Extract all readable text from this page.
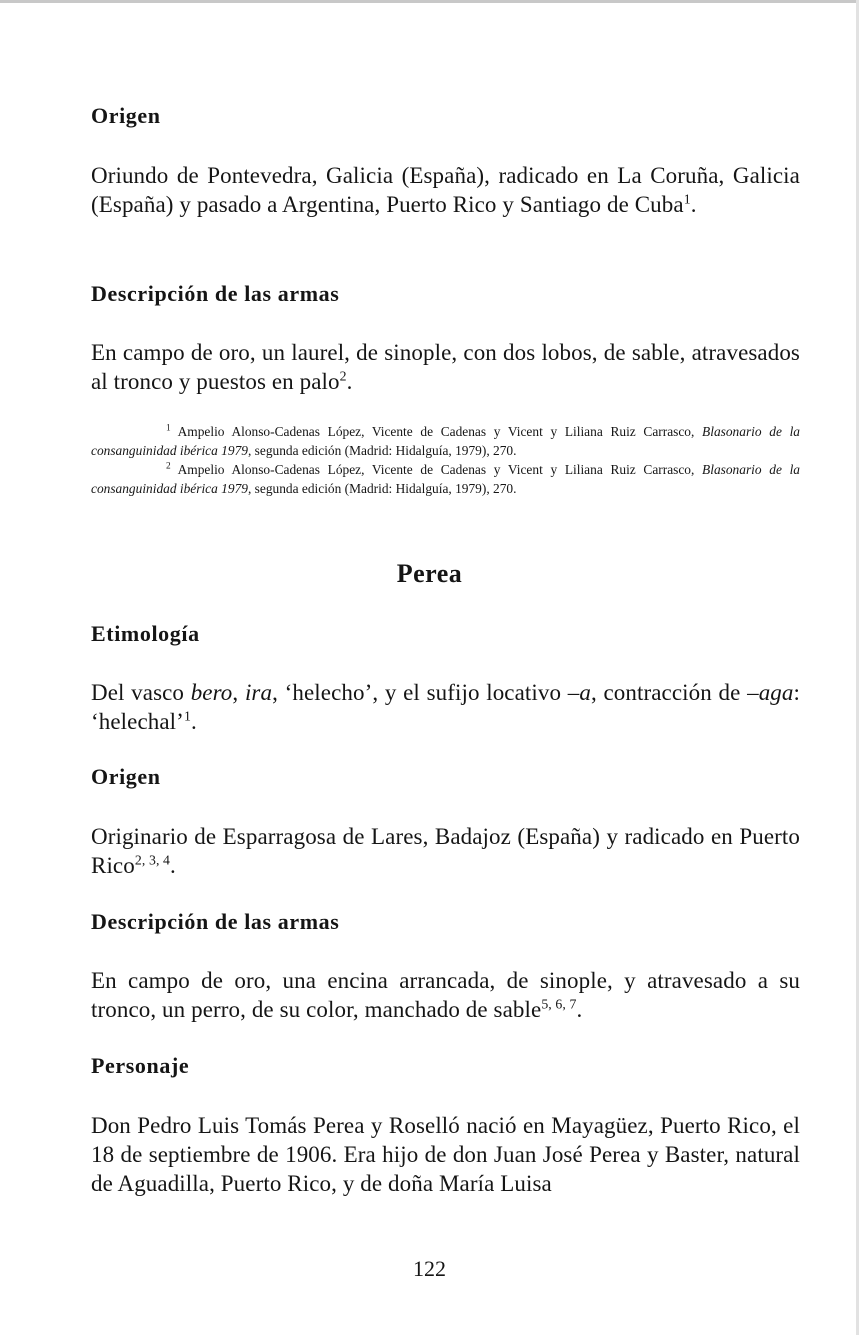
Origen

Oriundo de Pontevedra, Galicia (España), radicado en La Coruña, Galicia (España) y pasado a Argentina, Puerto Rico y Santiago de Cuba$^1$.

Descripción de las armas

En campo de oro, un laurel, de sinople, con dos lobos, de sable, atravesados al tronco y puestos en palo$^2$.

$^1$ Ampelio Alonso-Cadenas López, Vicente de Cadenas y Vicent y Liliana Ruiz Carrasco, Blasonario de la consanguinidad ibérica 1979, segunda edición (Madrid: Hidalguía, 1979), 270.
$^2$ Ampelio Alonso-Cadenas López, Vicente de Cadenas y Vicent y Liliana Ruiz Carrasco, Blasonario de la consanguinidad ibérica 1979, segunda edición (Madrid: Hidalguía, 1979), 270.
Etimología

Del vasco bero, ira, ‘helecho’, y el sufijo locativo –a, contracción de –aga: ‘helechal’$^1$.

Origen

Originario de Esparragosa de Lares, Badajoz (España) y radicado en Puerto Rico$^{2, 3, 4}$.

Descripción de las armas

En campo de oro, una encina arrancada, de sinople, y atravesado a su tronco, un perro, de su color, manchado de sable$^{5, 6, 7}$.

Personaje

Don Pedro Luis Tomás Perea y Roselló nació en Mayagüez, Puerto Rico, el 18 de septiembre de 1906. Era hijo de don Juan José Perea y Baster, natural de Aguadilla, Puerto Rico, y de doña María Luisa

Perea
122
